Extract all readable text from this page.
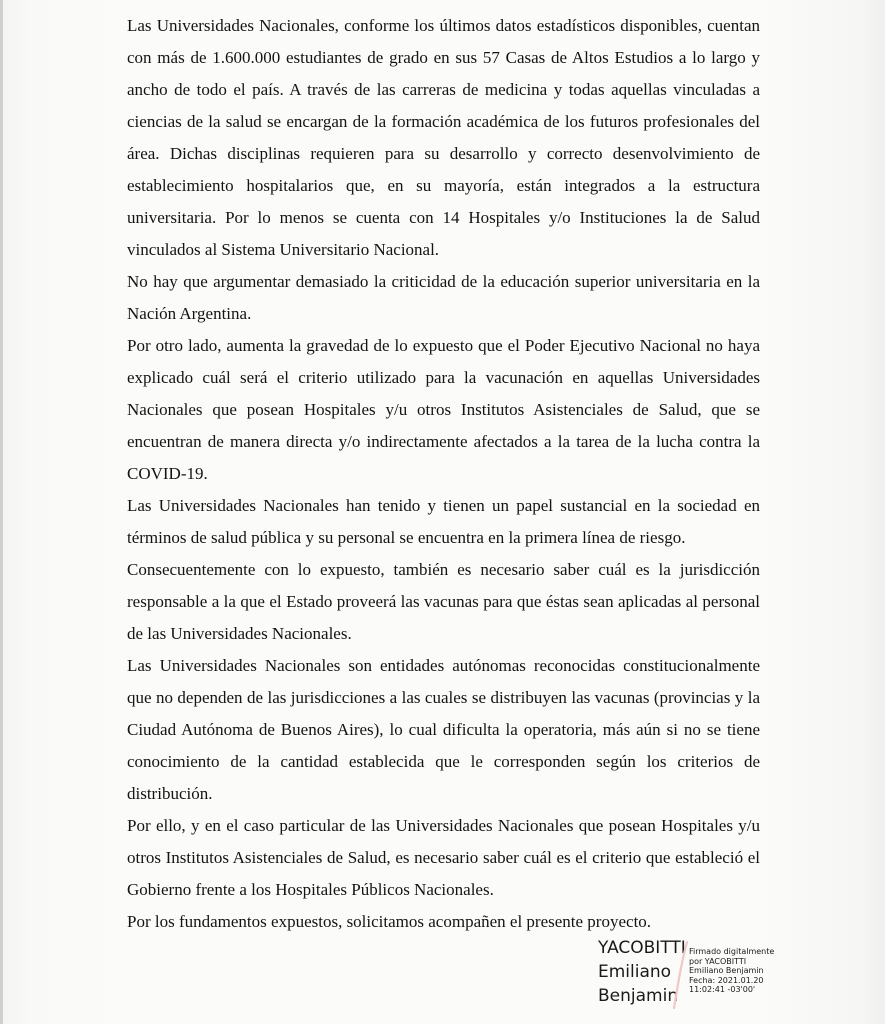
Las Universidades Nacionales, conforme los últimos datos estadísticos disponibles, cuentan con más de 1.600.000 estudiantes de grado en sus 57 Casas de Altos Estudios a lo largo y ancho de todo el país. A través de las carreras de medicina y todas aquellas vinculadas a ciencias de la salud se encargan de la formación académica de los futuros profesionales del área. Dichas disciplinas requieren para su desarrollo y correcto desenvolvimiento de establecimiento hospitalarios que, en su mayoría, están integrados a la estructura universitaria. Por lo menos se cuenta con 14 Hospitales y/o Instituciones la de Salud vinculados al Sistema Universitario Nacional.

No hay que argumentar demasiado la criticidad de la educación superior universitaria en la Nación Argentina.

Por otro lado, aumenta la gravedad de lo expuesto que el Poder Ejecutivo Nacional no haya explicado cuál será el criterio utilizado para la vacunación en aquellas Universidades Nacionales que posean Hospitales y/u otros Institutos Asistenciales de Salud, que se encuentran de manera directa y/o indirectamente afectados a la tarea de la lucha contra la COVID-19.

Las Universidades Nacionales han tenido y tienen un papel sustancial en la sociedad en términos de salud pública y su personal se encuentra en la primera línea de riesgo.

Consecuentemente con lo expuesto, también es necesario saber cuál es la jurisdicción responsable a la que el Estado proveerá las vacunas para que éstas sean aplicadas al personal de las Universidades Nacionales.

Las Universidades Nacionales son entidades autónomas reconocidas constitucionalmente que no dependen de las jurisdicciones a las cuales se distribuyen las vacunas (provincias y la Ciudad Autónoma de Buenos Aires), lo cual dificulta la operatoria, más aún si no se tiene conocimiento de la cantidad establecida que le corresponden según los criterios de distribución.

Por ello, y en el caso particular de las Universidades Nacionales que posean Hospitales y/u otros Institutos Asistenciales de Salud, es necesario saber cuál es el criterio que estableció el Gobierno frente a los Hospitales Públicos Nacionales.

Por los fundamentos expuestos, solicitamos acompañen el presente proyecto.

YACOBITTI
Emiliano
Benjamin
Firmado digitalmente
por YACOBITTI
Emiliano Benjamin
Fecha: 2021.01.20
11:02:41 -03'00'
